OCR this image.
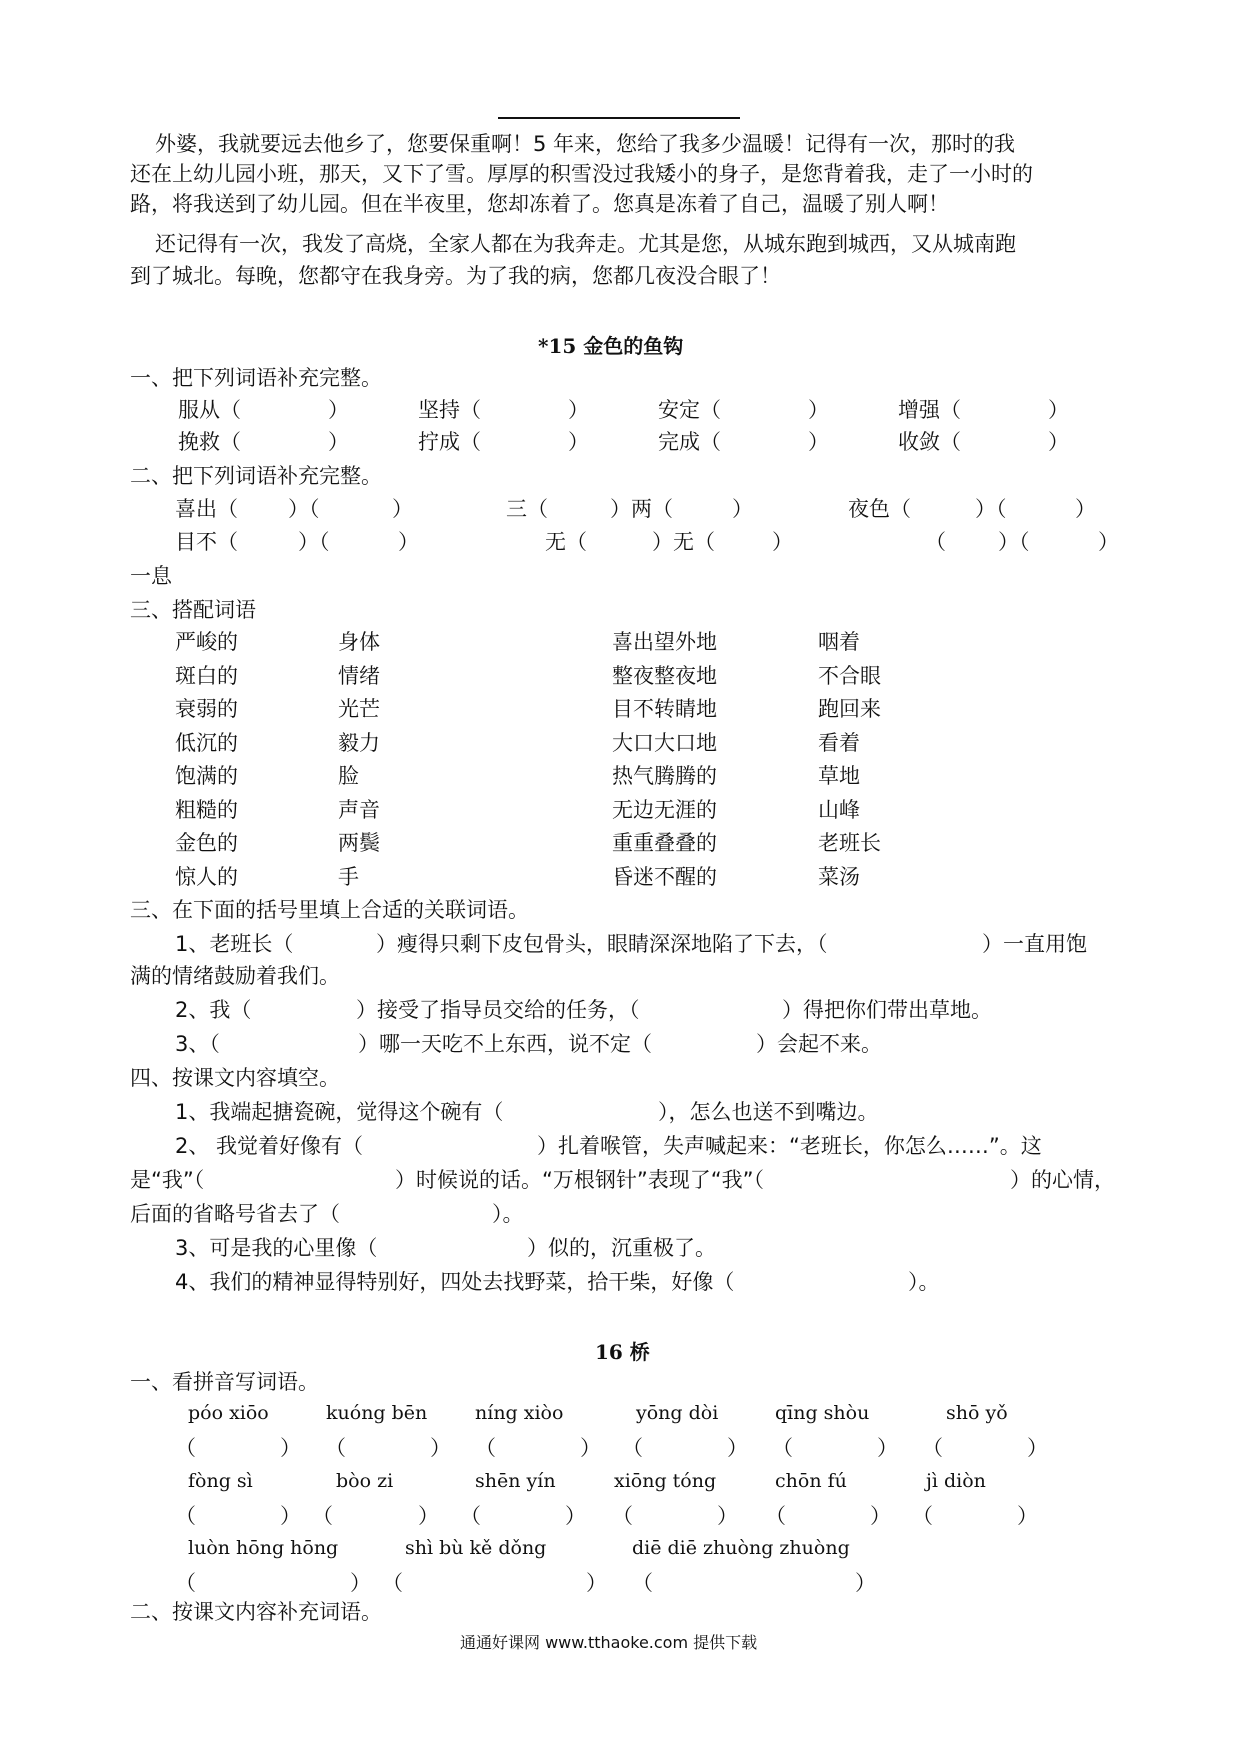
外婆，我就要远去他乡了，您要保重啊！5 年来，您给了我多少温暖！记得有一次，那时的我
还在上幼儿园小班，那天，又下了雪。厚厚的积雪没过我矮小的身子，是您背着我，走了一小时的
路，将我送到了幼儿园。但在半夜里，您却冻着了。您真是冻着了自己，温暖了别人啊！
还记得有一次，我发了高烧，全家人都在为我奔走。尤其是您，从城东跑到城西，又从城南跑
到了城北。每晚，您都守在我身旁。为了我的病，您都几夜没合眼了！
*15 金色的鱼钩
一、把下列词语补充完整。
服从（	）	坚持（	）	安定（	）	增强（	）
挽救（	）	拧成（	）	完成（	）	收敛（	）
二、把下列词语补充完整。
喜出（ ）（	）	三（	）两（	）	夜色（	）（	）
目不（	）（	）	无（	）无（	）	（ ）（	）
一息
三、搭配词语
严峻的	身体	喜出望外地	咽着
斑白的	情绪	整夜整夜地	不合眼
衰弱的	光芒	目不转睛地	跑回来
低沉的	毅力	大口大口地	看着
饱满的	脸	热气腾腾的	草地
粗糙的	声音	无边无涯的	山峰
金色的	两鬓	重重叠叠的	老班长
惊人的	手	昏迷不醒的	菜汤
三、在下面的括号里填上合适的关联词语。
1、老班长（	）瘦得只剩下皮包骨头，眼睛深深地陷了下去，（	）一直用饱
满的情绪鼓励着我们。
2、我（	）接受了指导员交给的任务，（	）得把你们带出草地。
3、（	）哪一天吃不上东西，说不定（	）会起不来。
四、按课文内容填空。
1、我端起搪瓷碗，觉得这个碗有（	），怎么也送不到嘴边。
2、 我觉着好像有（	）扎着喉管，失声喊起来：“老班长，你怎么……”。这
是“我”（	）时候说的话。“万根钢针”表现了“我”（	）的心情，
后面的省略号省去了（	）。
3、可是我的心里像（	）似的，沉重极了。
4、我们的精神显得特别好，四处去找野菜，拾干柴，好像（	）。
16 桥
一、看拼音写词语。
póo xiōo	kuóng bēn	níng xiòo	yōng dòi	qīng shòu	shō yǒ
（	） （	） （	） （	） （	） （	）
fòng sì	bòo zi	shēn yín	xiōng tóng	chōn fú	jì diòn
（	） （	） （	） （	） （	） （	）
luòn hōng hōng	shì bù kě dǒng	diē diē zhuòng zhuòng
（	） （	） （	）
二、按课文内容补充词语。
通通好课网 www.tthaoke.com 提供下载
